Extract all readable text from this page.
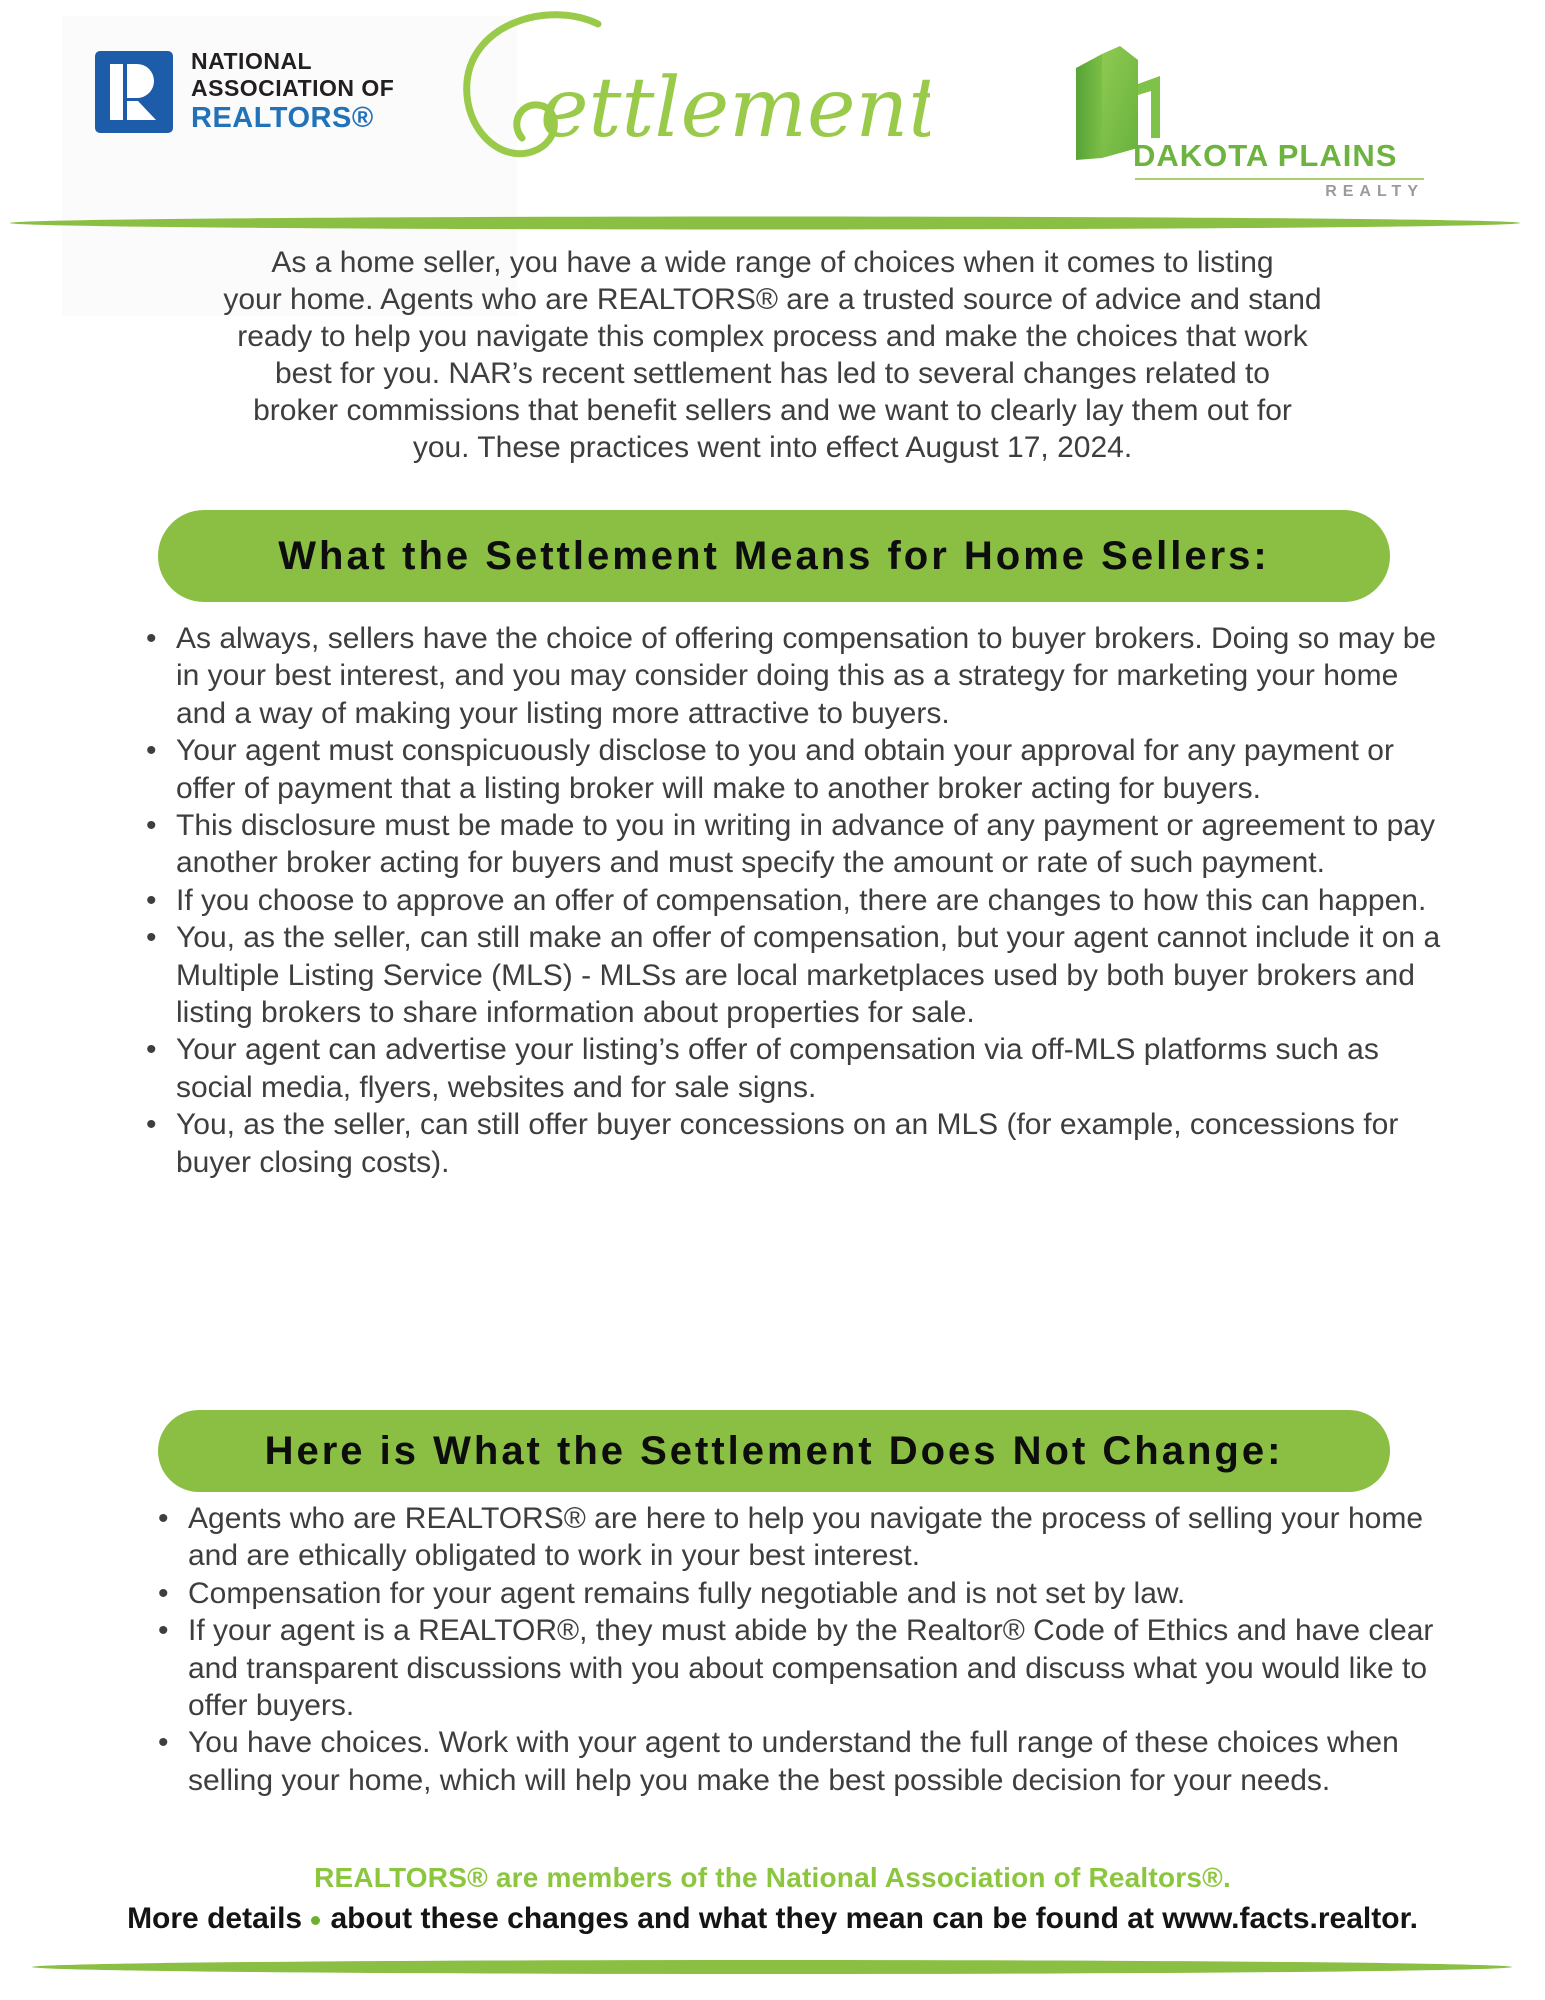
NATIONAL
ASSOCIATION OF
REALTORS® ettlement	DAKOTA PLAINS
REALTY
As a home seller, you have a wide range of choices when it comes to listing
your home. Agents who are REALTORS® are a trusted source of advice and stand
ready to help you navigate this complex process and make the choices that work
best for you. NAR’s recent settlement has led to several changes related to
broker commissions that benefit sellers and we want to clearly lay them out for
you. These practices went into effect August 17, 2024.
What the Settlement Means for Home Sellers:
• As always, sellers have the choice of offering compensation to buyer brokers. Doing so may be in your best interest, and you may consider doing this as a strategy for marketing your home and a way of making your listing more attractive to buyers.
• Your agent must conspicuously disclose to you and obtain your approval for any payment or offer of payment that a listing broker will make to another broker acting for buyers.
• This disclosure must be made to you in writing in advance of any payment or agreement to pay another broker acting for buyers and must specify the amount or rate of such payment.
• If you choose to approve an offer of compensation, there are changes to how this can happen.
• You, as the seller, can still make an offer of compensation, but your agent cannot include it on a Multiple Listing Service (MLS) - MLSs are local marketplaces used by both buyer brokers and listing brokers to share information about properties for sale.
• Your agent can advertise your listing’s offer of compensation via off-MLS platforms such as social media, flyers, websites and for sale signs.
• You, as the seller, can still offer buyer concessions on an MLS (for example, concessions for buyer closing costs).
Here is What the Settlement Does Not Change:
• Agents who are REALTORS® are here to help you navigate the process of selling your home and are ethically obligated to work in your best interest.
• Compensation for your agent remains fully negotiable and is not set by law.
• If your agent is a REALTOR®, they must abide by the Realtor® Code of Ethics and have clear and transparent discussions with you about compensation and discuss what you would like to offer buyers.
• You have choices. Work with your agent to understand the full range of these choices when selling your home, which will help you make the best possible decision for your needs.
REALTORS® are members of the National Association of Realtors®.
More details about these changes and what they mean can be found at www.facts.realtor.
